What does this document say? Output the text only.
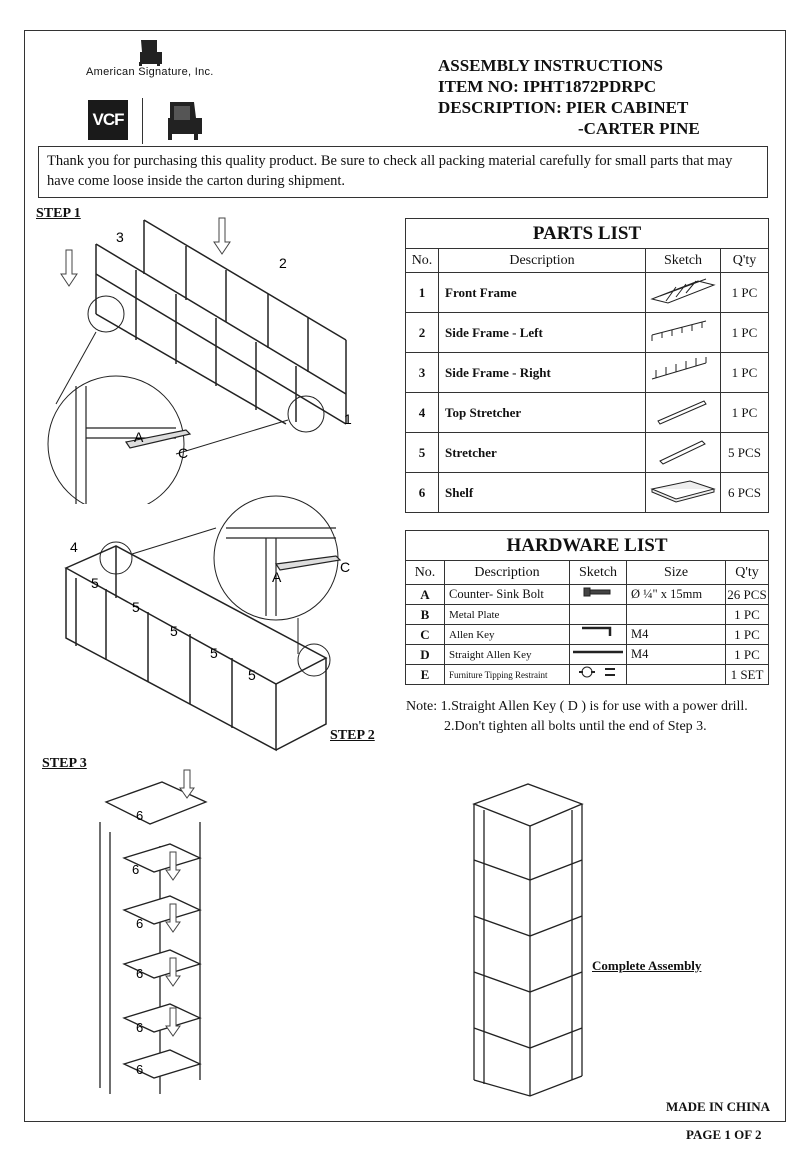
American Signature, Inc.
VCF
ASSEMBLY INSTRUCTIONS
ITEM NO: IPHT1872PDRPC
DESCRIPTION: PIER CABINET
-CARTER PINE
Thank you for purchasing this quality product. Be sure to check all packing material carefully for small parts that may have come loose inside the carton during shipment.
STEP 1
STEP 2
STEP 3
3
2
1
A
C
4
5
5
5
5
5
A
C
6
6
6
6
6
6
Complete Assembly
PARTS LIST			
No.	Description	Sketch	Q'ty
1	Front Frame		1 PC
2	Side Frame - Left		1 PC
3	Side Frame - Right		1 PC
4	Top Stretcher		1 PC
5	Stretcher		5 PCS
6	Shelf		6 PCS
HARDWARE LIST				
No.	Description	Sketch	Size	Q'ty
A	Counter- Sink Bolt		Ø ¼" x 15mm	26 PCS
B	Metal Plate			1 PC
C	Allen Key		M4	1 PC
D	Straight Allen Key		M4	1 PC
E	Furniture Tipping Restraint			1 SET
Note: 1.Straight Allen Key ( D ) is for use with a power drill.
2.Don't tighten all bolts until the end of Step 3.
MADE IN CHINA
PAGE 1 OF 2
